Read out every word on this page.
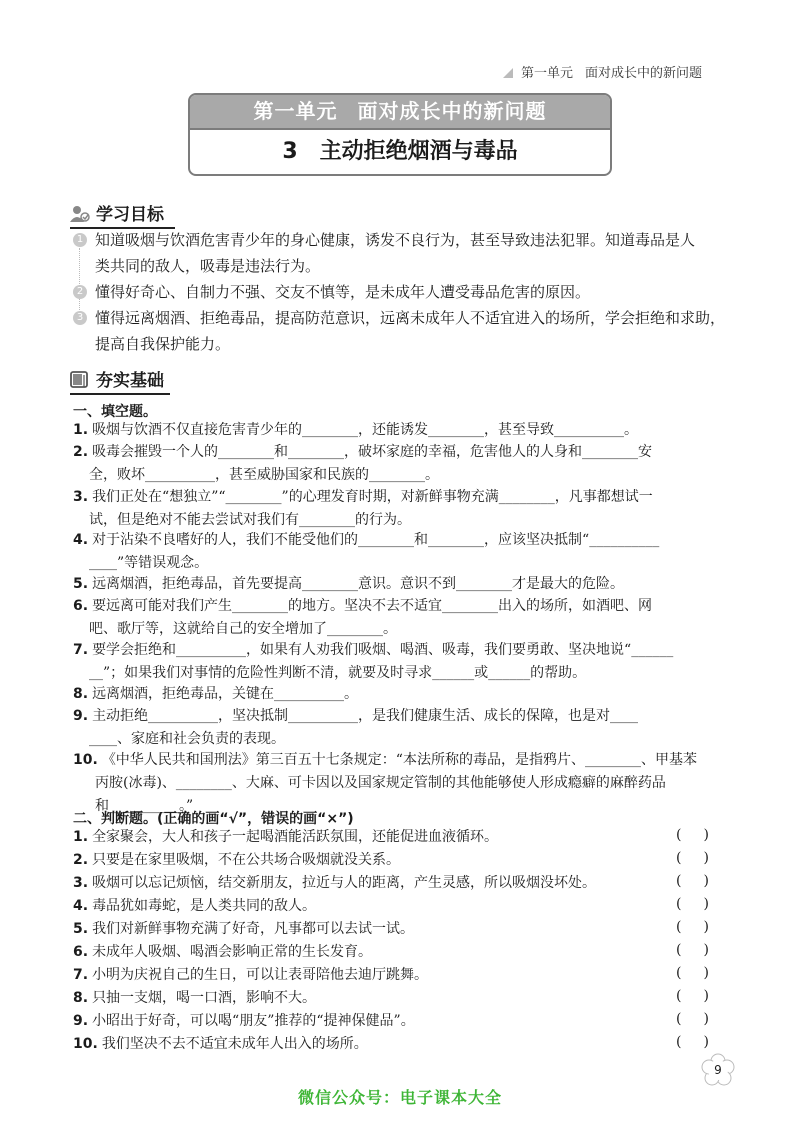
第一单元 面对成长中的新问题
第一单元 面对成长中的新问题
3 主动拒绝烟酒与毒品
学习目标
1 知道吸烟与饮酒危害青少年的身心健康，诱发不良行为，甚至导致违法犯罪。知道毒品是人
类共同的敌人，吸毒是违法行为。
2 懂得好奇心、自制力不强、交友不慎等，是未成年人遭受毒品危害的原因。
3 懂得远离烟酒、拒绝毒品，提高防范意识，远离未成年人不适宜进入的场所，学会拒绝和求助，
提高自我保护能力。
夯实基础
一、填空题。
1. 吸烟与饮酒不仅直接危害青少年的________，还能诱发________，甚至导致__________。
2. 吸毒会摧毁一个人的________和________，破坏家庭的幸福，危害他人的人身和________安
全，败坏__________，甚至威胁国家和民族的________。
3. 我们正处在“想独立”“________”的心理发育时期，对新鲜事物充满________，凡事都想试一
试，但是绝对不能去尝试对我们有________的行为。
4. 对于沾染不良嗜好的人，我们不能受他们的________和________，应该坚决抵制“__________
____”等错误观念。
5. 远离烟酒，拒绝毒品，首先要提高________意识。意识不到________才是最大的危险。
6. 要远离可能对我们产生________的地方。坚决不去不适宜________出入的场所，如酒吧、网
吧、歌厅等，这就给自己的安全增加了________。
7. 要学会拒绝和__________，如果有人劝我们吸烟、喝酒、吸毒，我们要勇敢、坚决地说“______
__”；如果我们对事情的危险性判断不清，就要及时寻求______或______的帮助。
8. 远离烟酒，拒绝毒品，关键在__________。
9. 主动拒绝__________，坚决抵制__________，是我们健康生活、成长的保障，也是对____
____、家庭和社会负责的表现。
10. 《中华人民共和国刑法》第三百五十七条规定：“本法所称的毒品，是指鸦片、________、甲基苯
丙胺(冰毒)、________、大麻、可卡因以及国家规定管制的其他能够使人形成瘾癖的麻醉药品
和__________。”
二、判断题。(正确的画“√”，错误的画“×”)
1. 全家聚会，大人和孩子一起喝酒能活跃氛围，还能促进血液循环。	( )
2. 只要是在家里吸烟，不在公共场合吸烟就没关系。	( )
3. 吸烟可以忘记烦恼，结交新朋友，拉近与人的距离，产生灵感，所以吸烟没坏处。	( )
4. 毒品犹如毒蛇，是人类共同的敌人。	( )
5. 我们对新鲜事物充满了好奇，凡事都可以去试一试。	( )
6. 未成年人吸烟、喝酒会影响正常的生长发育。	( )
7. 小明为庆祝自己的生日，可以让表哥陪他去迪厅跳舞。	( )
8. 只抽一支烟，喝一口酒，影响不大。	( )
9. 小昭出于好奇，可以喝“朋友”推荐的“提神保健品”。	( )
10. 我们坚决不去不适宜未成年人出入的场所。	( )
9
微信公众号：电子课本大全
